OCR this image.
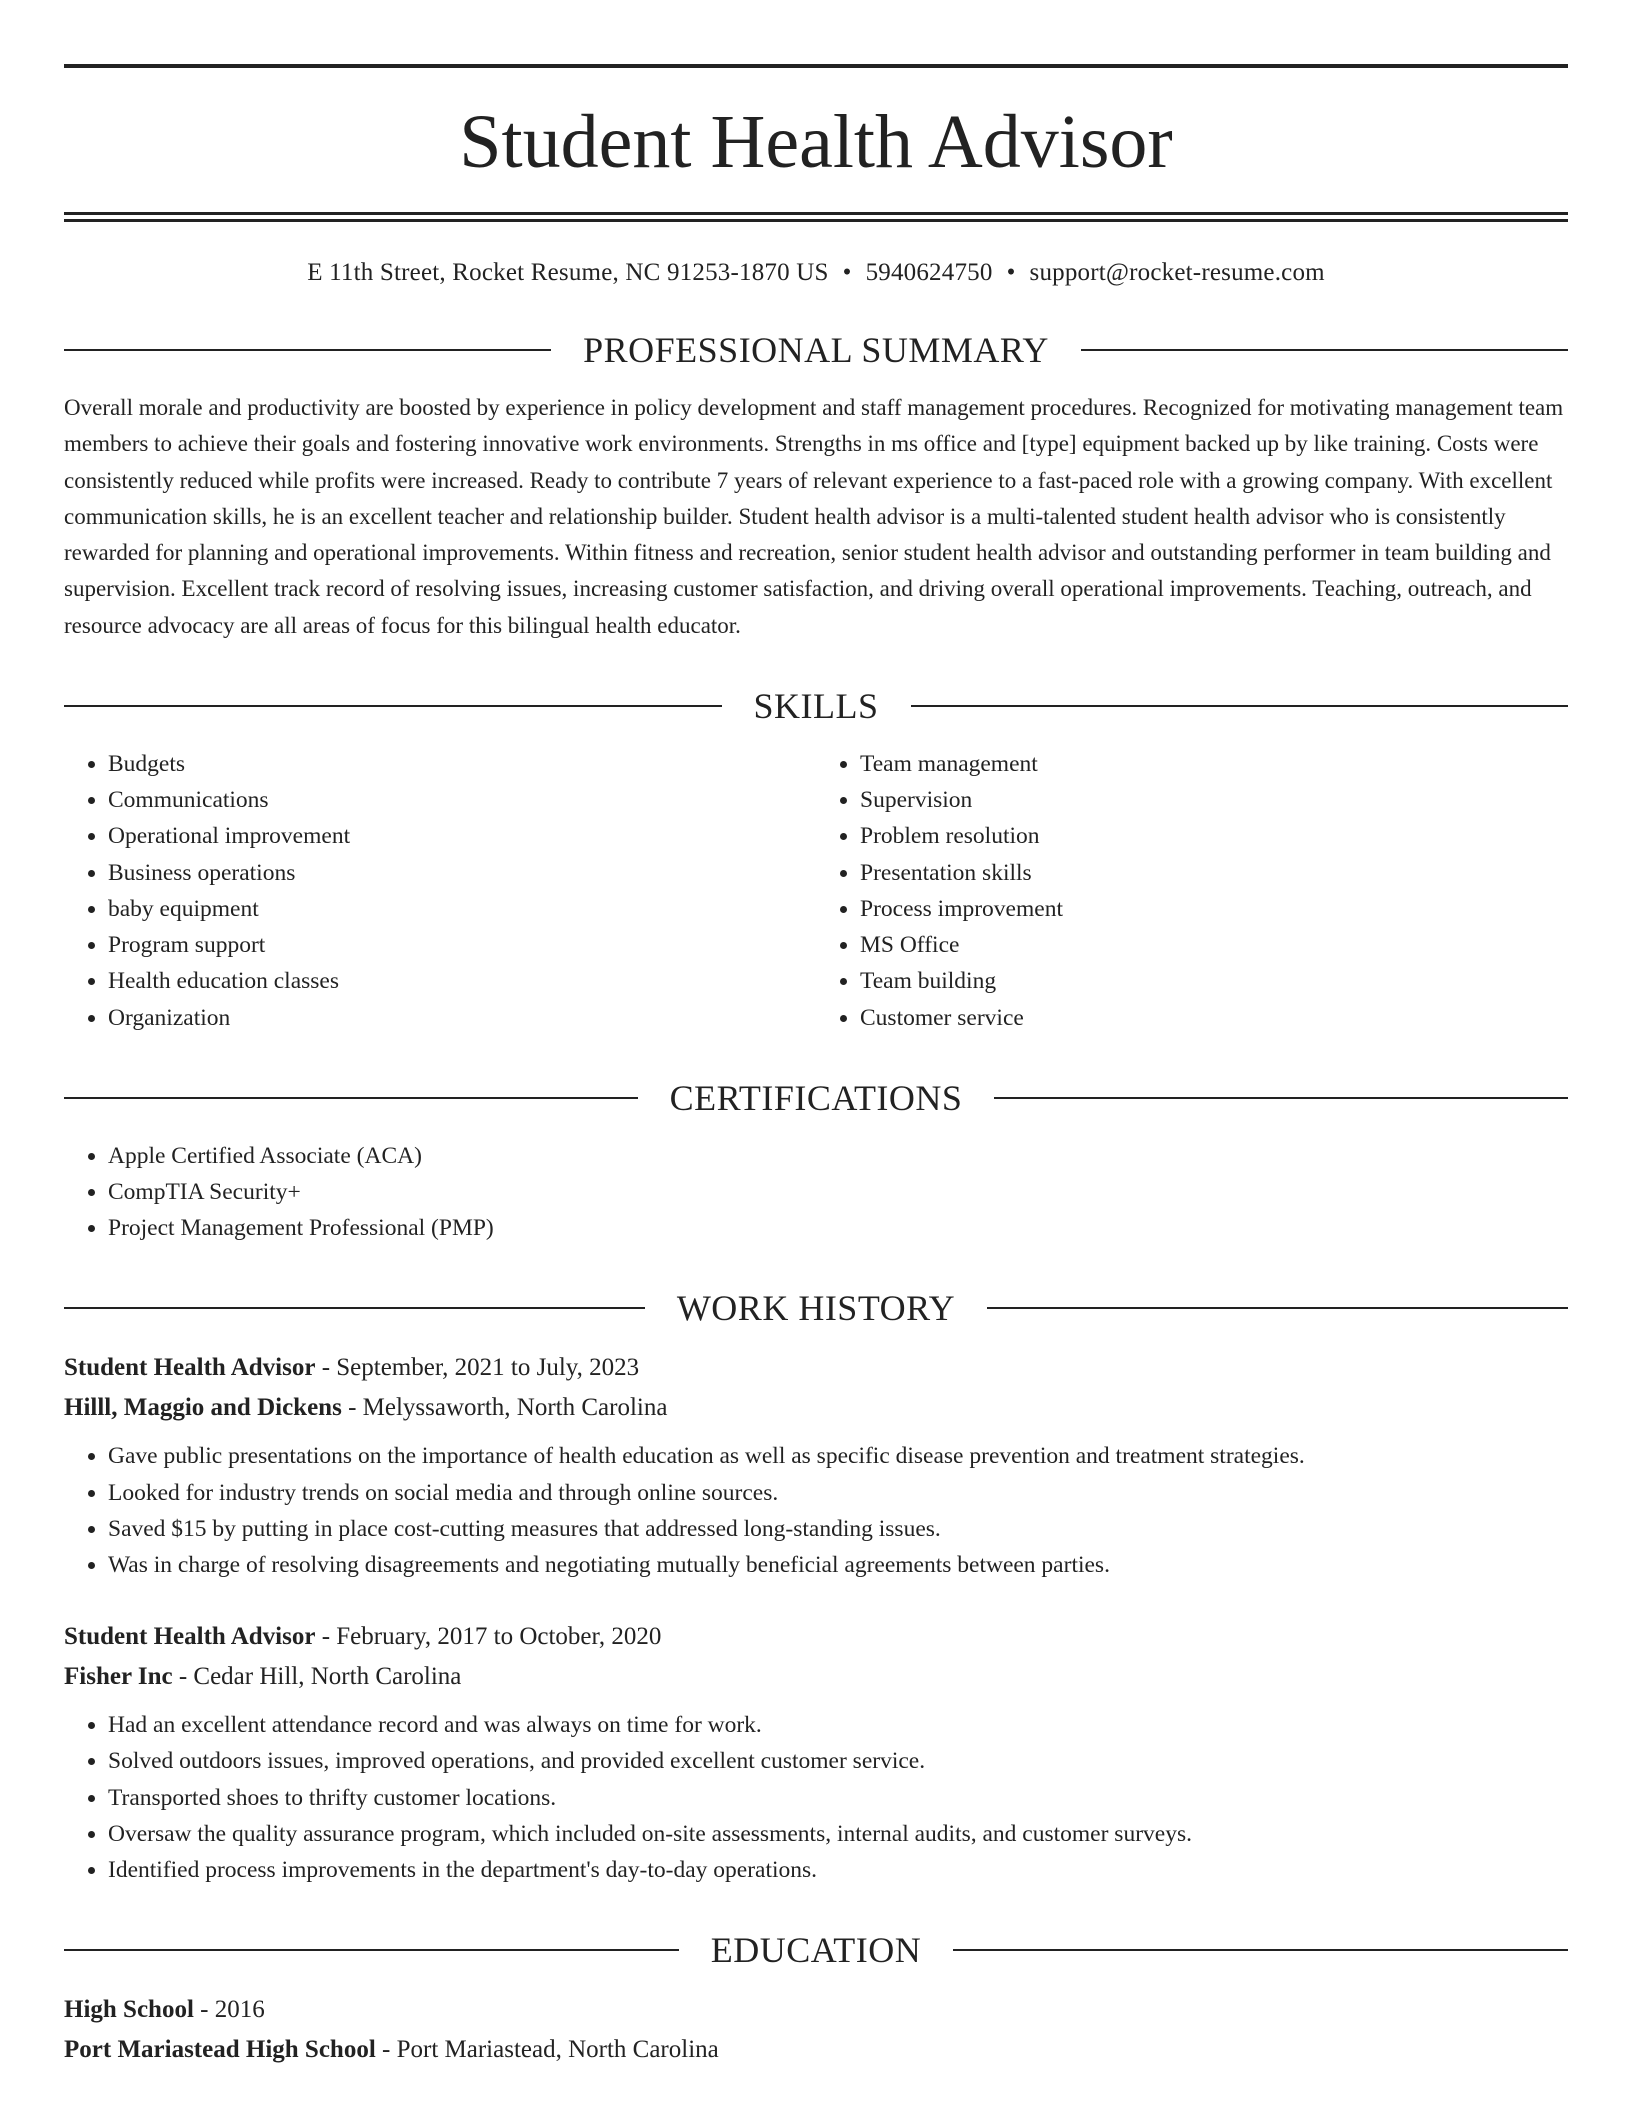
Student Health Advisor
E 11th Street, Rocket Resume, NC 91253-1870 US • 5940624750 • support@rocket-resume.com
PROFESSIONAL SUMMARY
Overall morale and productivity are boosted by experience in policy development and staff management procedures. Recognized for motivating management team members to achieve their goals and fostering innovative work environments. Strengths in ms office and [type] equipment backed up by like training. Costs were consistently reduced while profits were increased. Ready to contribute 7 years of relevant experience to a fast-paced role with a growing company. With excellent communication skills, he is an excellent teacher and relationship builder. Student health advisor is a multi-talented student health advisor who is consistently rewarded for planning and operational improvements. Within fitness and recreation, senior student health advisor and outstanding performer in team building and supervision. Excellent track record of resolving issues, increasing customer satisfaction, and driving overall operational improvements. Teaching, outreach, and resource advocacy are all areas of focus for this bilingual health educator.
SKILLS
• Budgets
• Communications
• Operational improvement
• Business operations
• baby equipment
• Program support
• Health education classes
• Organization
• Team management
• Supervision
• Problem resolution
• Presentation skills
• Process improvement
• MS Office
• Team building
• Customer service
CERTIFICATIONS
• Apple Certified Associate (ACA)
• CompTIA Security+
• Project Management Professional (PMP)
WORK HISTORY
Student Health Advisor - September, 2021 to July, 2023
Hilll, Maggio and Dickens - Melyssaworth, North Carolina
• Gave public presentations on the importance of health education as well as specific disease prevention and treatment strategies.
• Looked for industry trends on social media and through online sources.
• Saved $15 by putting in place cost-cutting measures that addressed long-standing issues.
• Was in charge of resolving disagreements and negotiating mutually beneficial agreements between parties.
Student Health Advisor - February, 2017 to October, 2020
Fisher Inc - Cedar Hill, North Carolina
• Had an excellent attendance record and was always on time for work.
• Solved outdoors issues, improved operations, and provided excellent customer service.
• Transported shoes to thrifty customer locations.
• Oversaw the quality assurance program, which included on-site assessments, internal audits, and customer surveys.
• Identified process improvements in the department's day-to-day operations.
EDUCATION
High School - 2016
Port Mariastead High School - Port Mariastead, North Carolina
